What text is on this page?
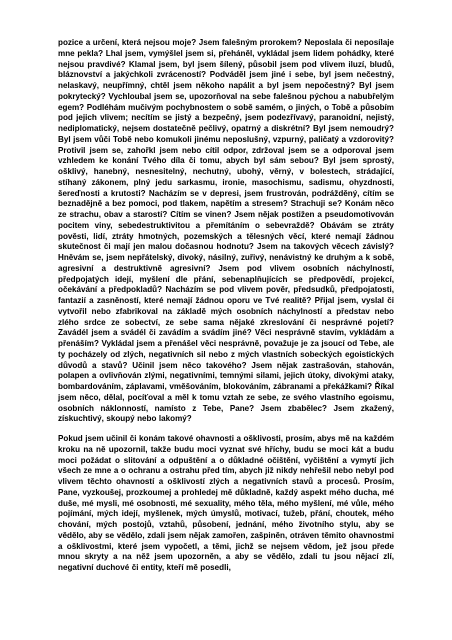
pozice a určení, která nejsou moje? Jsem falešným prorokem? Neposlala či neposílaje mne pekla? Lhal jsem, vymýšlel jsem si, přeháněl, vykládal jsem lidem pohádky, které nejsou pravdivé? Klamal jsem, byl jsem šílený, působil jsem pod vlivem iluzí, bludů, bláznovství a jakýchkoli zvráceností? Podváděl jsem jiné i sebe, byl jsem nečestný, nelaskavý, neupřímný, chtěl jsem někoho napálit a byl jsem nepočestný? Byl jsem pokrytecký? Vychloubal jsem se, upozorňoval na sebe falešnou pýchou a nabubřelým egem? Podléhám mučivým pochybnostem o sobě samém, o jiných, o Tobě a působím pod jejich vlivem; necítím se jistý a bezpečný, jsem podezřívavý, paranoidní, nejistý, nediplomatický, nejsem dostatečně pečlivý, opatrný a diskrétní? Byl jsem nemoudrý? Byl jsem vůči Tobě nebo komukoli jinému neposlušný, vzpurný, paličatý a vzdorovitý? Protivil jsem se, zahořkl jsem nebo cítil odpor, zdržoval jsem se a odporoval jsem vzhledem ke konání Tvého díla či tomu, abych byl sám sebou? Byl jsem sprostý, ošklivý, hanebný, nesnesitelný, nechutný, ubohý, věrný, v bolestech, strádající, stíhaný zákonem, plný jedu sarkasmu, ironie, masochismu, sadismu, ohyzdnosti, šereďnosti a krutosti? Nacházím se v depresi, jsem frustrován, podrážděný, cítím se beznadějně a bez pomoci, pod tlakem, napětím a stresem? Strachuji se? Konám něco ze strachu, obav a starostí? Cítím se vinen? Jsem nějak postižen a pseudomotivován pocitem viny, sebedestruktivitou a přemítáním o sebevraždě? Obávám se ztráty pověsti, lidí, ztráty hmotných, pozemských a tělesných věcí, které nemají žádnou skutečnost či mají jen malou dočasnou hodnotu? Jsem na takových věcech závislý? Hněvám se, jsem nepřátelský, divoký, násilný, zuřivý, nenávistný ke druhým a k sobě, agresivní a destruktivně agresivní? Jsem pod vlivem osobních náchylností, předpojatých idejí, myšlení dle přání, sebenaplňujících se předpovědí, projekcí, očekávání a předpokladů? Nacházím se pod vlivem pověr, předsudků, předpojatosti, fantazií a zasněností, které nemají žádnou oporu ve Tvé realitě? Přijal jsem, vyslal či vytvořil nebo zfabrikoval na základě mých osobních náchylností a představ nebo zlého srdce ze sobectví, ze sebe sama nějaké zkreslování či nesprávné pojetí? Zavádél jsem a svádél či zavádím a svádím jiné? Věci nesprávně stavím, vykládám a přenáším? Vykládal jsem a přenášel věci nesprávně, považuje je za jsoucí od Tebe, ale ty pocházely od zlých, negativních sil nebo z mých vlastních sobeckých egoistických důvodů a stavů? Učinil jsem něco takového? Jsem nějak zastrašován, stahován, polapen a ovlivňován zlými, negativními, temnými silami, jejich útoky, divokými ataky, bombardováním, záplavami, vměšováním, blokováním, zábranami a překážkami? Říkal jsem něco, dělal, pocíťoval a měl k tomu vztah ze sebe, ze svého vlastního egoismu, osobních náklonností, namísto z Tebe, Pane? Jsem zbabělec? Jsem zkažený, získuchtivý, skoupý nebo lakomý?

Pokud jsem učinil či konám takové ohavnosti a ošklivosti, prosím, abys mě na každém kroku na ně upozornil, takže budu moci vyznat své hříchy, budu se moci kát a budu moci požádat o slitování a odpuštění a o důkladné očištění, vyčištění a vymytí jich všech ze mne a o ochranu a ostrahu před tím, abych již nikdy nehřešil nebo nebyl pod vlivem těchto ohavností a ošklivostí zlých a negativních stavů a procesů. Prosím, Pane, vyzkoušej, prozkoumej a prohledej mě důkladně, každý aspekt mého ducha, mé duše, mé mysli, mé osobnosti, mé sexuality, mého těla, mého myšlení, mé vůle, mého pojímání, mých idejí, myšlenek, mých úmyslů, motivací, tužeb, přání, choutek, mého chování, mých postojů, vztahů, působení, jednání, mého životního stylu, aby se vědělo, aby se vědělo, zdali jsem nějak zamořen, zašpiněn, otráven těmito ohavnostmi a ošklivostmi, které jsem vypočetl, a těmi, jichž se nejsem vědom, jež jsou přede mnou skryty a na něž jsem upozorněn, a aby se vědělo, zdali tu jsou nějací zlí, negativní duchové či entity, kteří mě posedli,
